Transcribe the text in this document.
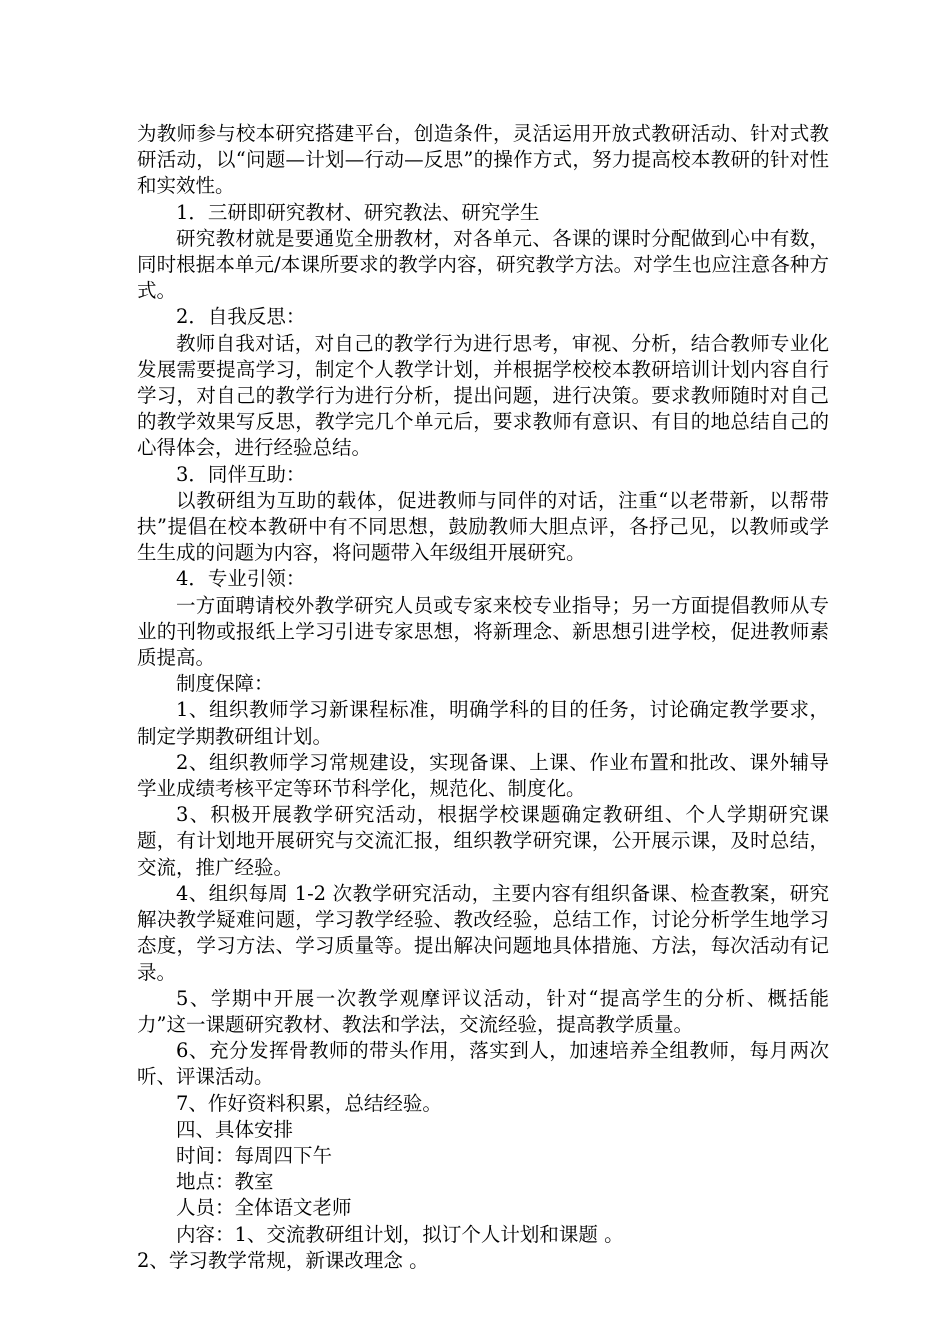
为教师参与校本研究搭建平台，创造条件，灵活运用开放式教研活动、针对式教研活动，以“问题—计划—行动—反思”的操作方式，努力提高校本教研的针对性和实效性。

1．三研即研究教材、研究教法、研究学生

研究教材就是要通览全册教材，对各单元、各课的课时分配做到心中有数，同时根据本单元/本课所要求的教学内容，研究教学方法。对学生也应注意各种方式。

2．自我反思：

教师自我对话，对自己的教学行为进行思考，审视、分析，结合教师专业化发展需要提高学习，制定个人教学计划，并根据学校校本教研培训计划内容自行学习，对自己的教学行为进行分析，提出问题，进行决策。要求教师随时对自己的教学效果写反思，教学完几个单元后，要求教师有意识、有目的地总结自己的心得体会，进行经验总结。

3．同伴互助：

以教研组为互助的载体，促进教师与同伴的对话，注重“以老带新，以帮带扶”提倡在校本教研中有不同思想，鼓励教师大胆点评，各抒己见，以教师或学生生成的问题为内容，将问题带入年级组开展研究。

4．专业引领：

一方面聘请校外教学研究人员或专家来校专业指导；另一方面提倡教师从专业的刊物或报纸上学习引进专家思想，将新理念、新思想引进学校，促进教师素质提高。

制度保障：

1、组织教师学习新课程标准，明确学科的目的任务，讨论确定教学要求，制定学期教研组计划。

2、组织教师学习常规建设，实现备课、上课、作业布置和批改、课外辅导学业成绩考核平定等环节科学化，规范化、制度化。

3、积极开展教学研究活动，根据学校课题确定教研组、个人学期研究课题，有计划地开展研究与交流汇报，组织教学研究课，公开展示课，及时总结，交流，推广经验。

4、组织每周 1-2 次教学研究活动，主要内容有组织备课、检查教案，研究解决教学疑难问题，学习教学经验、教改经验，总结工作，讨论分析学生地学习态度，学习方法、学习质量等。提出解决问题地具体措施、方法，每次活动有记录。

5、学期中开展一次教学观摩评议活动，针对“提高学生的分析、概括能力”这一课题研究教材、教法和学法，交流经验，提高教学质量。

6、充分发挥骨教师的带头作用，落实到人，加速培养全组教师，每月两次听、评课活动。

7、作好资料积累，总结经验。

四、具体安排

时间：每周四下午

地点：教室

人员：全体语文老师

内容：1、交流教研组计划，拟订个人计划和课题 。

2、学习教学常规，新课改理念 。
